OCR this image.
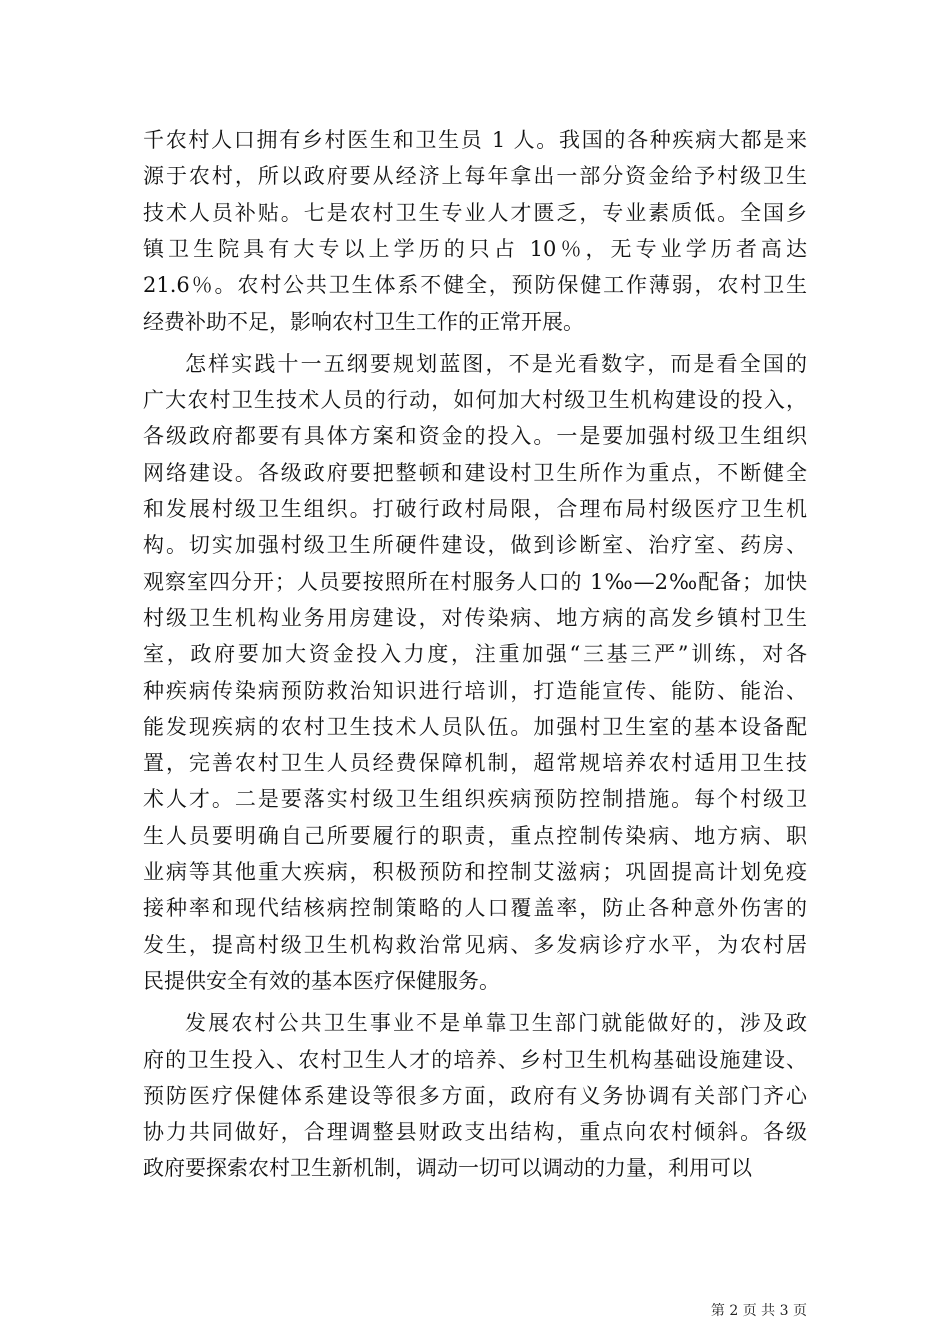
千农村人口拥有乡村医生和卫生员 1 人。我国的各种疾病大都是来
源于农村，所以政府要从经济上每年拿出一部分资金给予村级卫生
技术人员补贴。七是农村卫生专业人才匮乏，专业素质低。全国乡
镇卫生院具有大专以上学历的只占 10％，无专业学历者高达
21.6％。农村公共卫生体系不健全，预防保健工作薄弱，农村卫生
经费补助不足，影响农村卫生工作的正常开展。
怎样实践十一五纲要规划蓝图，不是光看数字，而是看全国的
广大农村卫生技术人员的行动，如何加大村级卫生机构建设的投入，
各级政府都要有具体方案和资金的投入。一是要加强村级卫生组织
网络建设。各级政府要把整顿和建设村卫生所作为重点，不断健全
和发展村级卫生组织。打破行政村局限，合理布局村级医疗卫生机
构。切实加强村级卫生所硬件建设，做到诊断室、治疗室、药房、
观察室四分开；人员要按照所在村服务人口的 1‰—2‰配备；加快
村级卫生机构业务用房建设，对传染病、地方病的高发乡镇村卫生
室，政府要加大资金投入力度，注重加强“三基三严”训练，对各
种疾病传染病预防救治知识进行培训，打造能宣传、能防、能治、
能发现疾病的农村卫生技术人员队伍。加强村卫生室的基本设备配
置，完善农村卫生人员经费保障机制，超常规培养农村适用卫生技
术人才。二是要落实村级卫生组织疾病预防控制措施。每个村级卫
生人员要明确自己所要履行的职责，重点控制传染病、地方病、职
业病等其他重大疾病，积极预防和控制艾滋病；巩固提高计划免疫
接种率和现代结核病控制策略的人口覆盖率，防止各种意外伤害的
发生，提高村级卫生机构救治常见病、多发病诊疗水平，为农村居
民提供安全有效的基本医疗保健服务。
发展农村公共卫生事业不是单靠卫生部门就能做好的，涉及政
府的卫生投入、农村卫生人才的培养、乡村卫生机构基础设施建设、
预防医疗保健体系建设等很多方面，政府有义务协调有关部门齐心
协力共同做好，合理调整县财政支出结构，重点向农村倾斜。各级
政府要探索农村卫生新机制，调动一切可以调动的力量，利用可以
第 2 页 共 3 页
